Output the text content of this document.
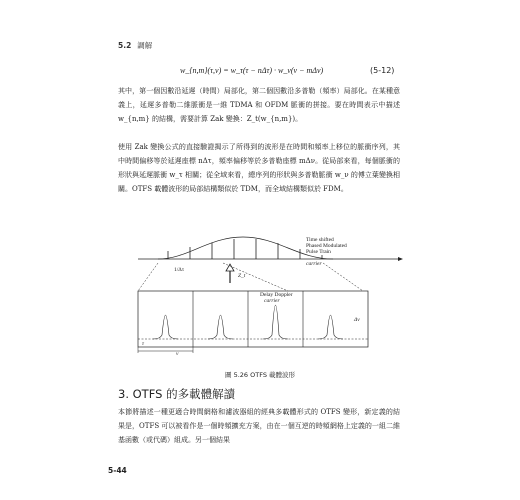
5.2 調解
w_{n,m}(τ,ν) = w_τ(τ − nΔτ) · w_ν(ν − mΔν)	(5-12)
其中，第一個因數沿延遲（時間）局部化，第二個因數沿多普勒（頻率）局部化。在某種意義上，延遲多普勒二維脈衝是一維 TDMA 和 OFDM 脈衝的拼接。要在時間表示中描述 w_{n,m} 的結構，需要計算 Zak 變換：Z_t(w_{n,m})。
使用 Zak 變換公式的直接驗證揭示了所得到的波形是在時間和頻率上移位的脈衝序列，其中時間偏移等於延遲座標 nΔτ，頻率偏移等於多普勒座標 mΔν。從局部來看，每個脈衝的形狀與延遲脈衝 w_τ 相關；從全域來看，總序列的形狀與多普勒脈衝 w_ν 的傅立葉變換相關。OTFS 載體波形的局部結構類似於 TDM，而全域結構類似於 FDM。
Time shifted
Phased Modulated
Pulse Train
carrier
1/Δτ
Z_t
Delay Doppler
carrier
Δν
τ
ν
圖 5.26 OTFS 載體波形
3. OTFS 的多載體解讀
本節將描述一種更適合時間網格和濾波器組的經典多載體形式的 OTFS 變形，新定義的結果是，OTFS 可以被看作是一個時頻擴充方案，由在一個互逆的時頻網格上定義的一組二維基函數（或代碼）組成。另一個結果
5-44
